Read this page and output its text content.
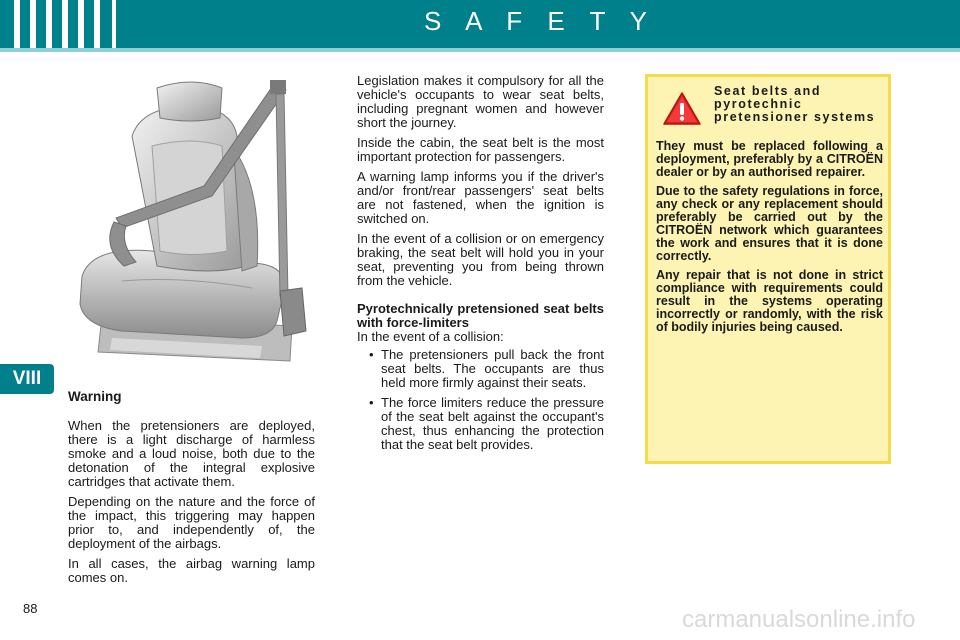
S A F E T Y
VIII
Warning

When the pretensioners are deployed, there is a light discharge of harmless smoke and a loud noise, both due to the detonation of the integral explosive cartridges that activate them.

Depending on the nature and the force of the impact, this triggering may happen prior to, and independently of, the deployment of the airbags.

In all cases, the airbag warning lamp comes on.

Legislation makes it compulsory for all the vehicle's occupants to wear seat belts, including pregnant women and however short the journey.

Inside the cabin, the seat belt is the most important protection for passengers.

A warning lamp informs you if the driver's and/or front/rear passengers' seat belts are not fastened, when the ignition is switched on.

In the event of a collision or on emergency braking, the seat belt will hold you in your seat, preventing you from being thrown from the vehicle.

Pyrotechnically pretensioned seat belts with force-limiters
In the event of a collision:
• The pretensioners pull back the front seat belts. The occupants are thus held more firmly against their seats.
• The force limiters reduce the pressure of the seat belt against the occupant's chest, thus enhancing the protection that the seat belt provides.
Seat belts and pyrotechnic pretensioner systems

They must be replaced following a deployment, preferably by a CITROËN dealer or by an authorised repairer.

Due to the safety regulations in force, any check or any replacement should preferably be carried out by the CITROËN network which guarantees the work and ensures that it is done correctly.

Any repair that is not done in strict compliance with requirements could result in the systems operating incorrectly or randomly, with the risk of bodily injuries being caused.

88	carmanualsonline.info
